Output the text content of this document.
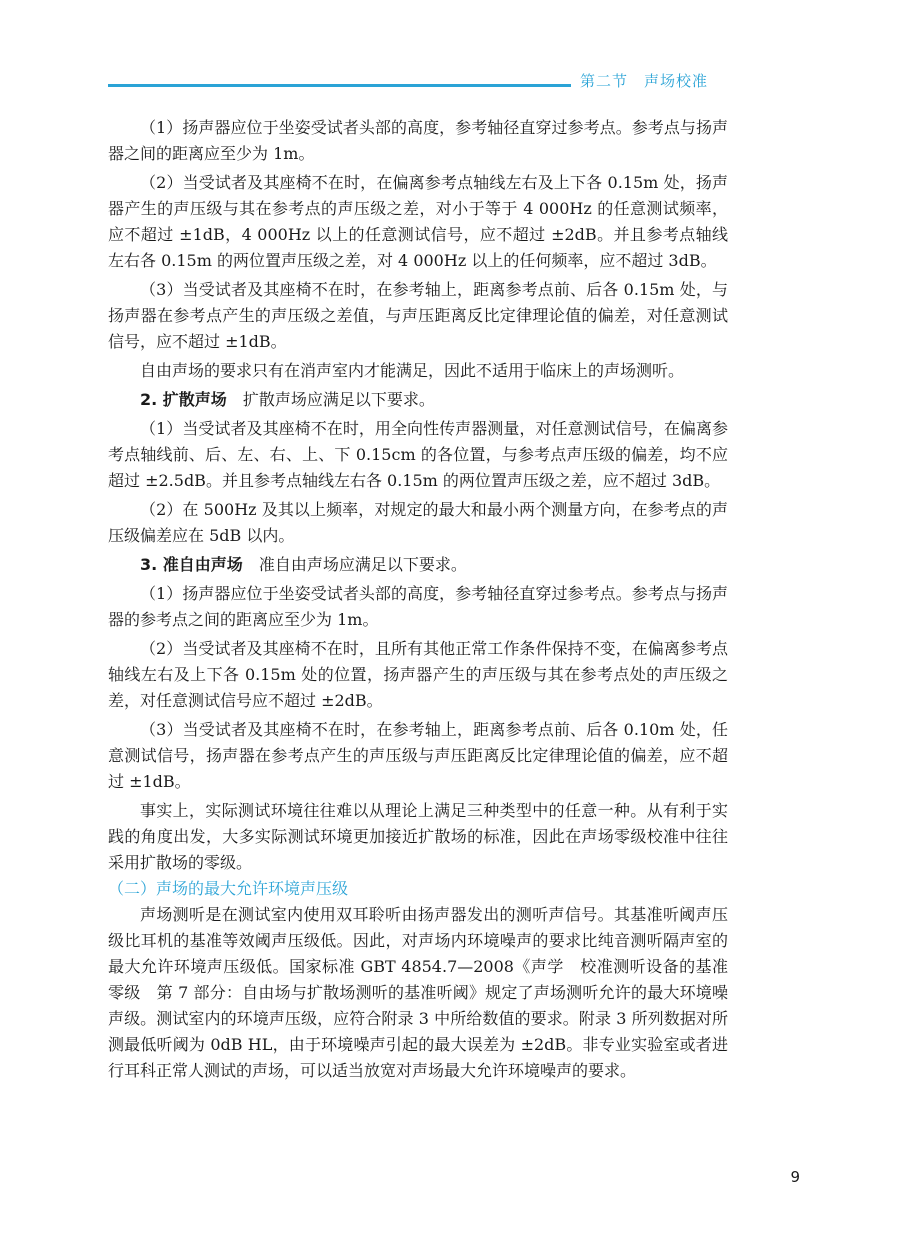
第二节　声场校准

（1）扬声器应位于坐姿受试者头部的高度，参考轴径直穿过参考点。参考点与扬声器之间的距离应至少为 1m。

（2）当受试者及其座椅不在时，在偏离参考点轴线左右及上下各 0.15m 处，扬声器产生的声压级与其在参考点的声压级之差，对小于等于 4 000Hz 的任意测试频率，应不超过 ±1dB，4 000Hz 以上的任意测试信号，应不超过 ±2dB。并且参考点轴线左右各 0.15m 的两位置声压级之差，对 4 000Hz 以上的任何频率，应不超过 3dB。

（3）当受试者及其座椅不在时，在参考轴上，距离参考点前、后各 0.15m 处，与扬声器在参考点产生的声压级之差值，与声压距离反比定律理论值的偏差，对任意测试信号，应不超过 ±1dB。

自由声场的要求只有在消声室内才能满足，因此不适用于临床上的声场测听。

2. 扩散声场　 扩散声场应满足以下要求。

（1）当受试者及其座椅不在时，用全向性传声器测量，对任意测试信号，在偏离参考点轴线前、后、左、右、上、下 0.15cm 的各位置，与参考点声压级的偏差，均不应超过 ±2.5dB。并且参考点轴线左右各 0.15m 的两位置声压级之差，应不超过 3dB。

（2）在 500Hz 及其以上频率，对规定的最大和最小两个测量方向，在参考点的声压级偏差应在 5dB 以内。

3. 准自由声场　 准自由声场应满足以下要求。

（1）扬声器应位于坐姿受试者头部的高度，参考轴径直穿过参考点。参考点与扬声器的参考点之间的距离应至少为 1m。

（2）当受试者及其座椅不在时，且所有其他正常工作条件保持不变，在偏离参考点轴线左右及上下各 0.15m 处的位置，扬声器产生的声压级与其在参考点处的声压级之差，对任意测试信号应不超过 ±2dB。

（3）当受试者及其座椅不在时，在参考轴上，距离参考点前、后各 0.10m 处，任意测试信号，扬声器在参考点产生的声压级与声压距离反比定律理论值的偏差，应不超过 ±1dB。

事实上，实际测试环境往往难以从理论上满足三种类型中的任意一种。从有利于实践的角度出发，大多实际测试环境更加接近扩散场的标准，因此在声场零级校准中往往采用扩散场的零级。

（二）声场的最大允许环境声压级

声场测听是在测试室内使用双耳聆听由扬声器发出的测听声信号。其基准听阈声压级比耳机的基准等效阈声压级低。因此，对声场内环境噪声的要求比纯音测听隔声室的最大允许环境声压级低。国家标准 GBT 4854.7—2008《声学　校准测听设备的基准零级　第 7 部分：自由场与扩散场测听的基准听阈》规定了声场测听允许的最大环境噪声级。测试室内的环境声压级，应符合附录 3 中所给数值的要求。附录 3 所列数据对所测最低听阈为 0dB HL，由于环境噪声引起的最大误差为 ±2dB。非专业实验室或者进行耳科正常人测试的声场，可以适当放宽对声场最大允许环境噪声的要求。

9
